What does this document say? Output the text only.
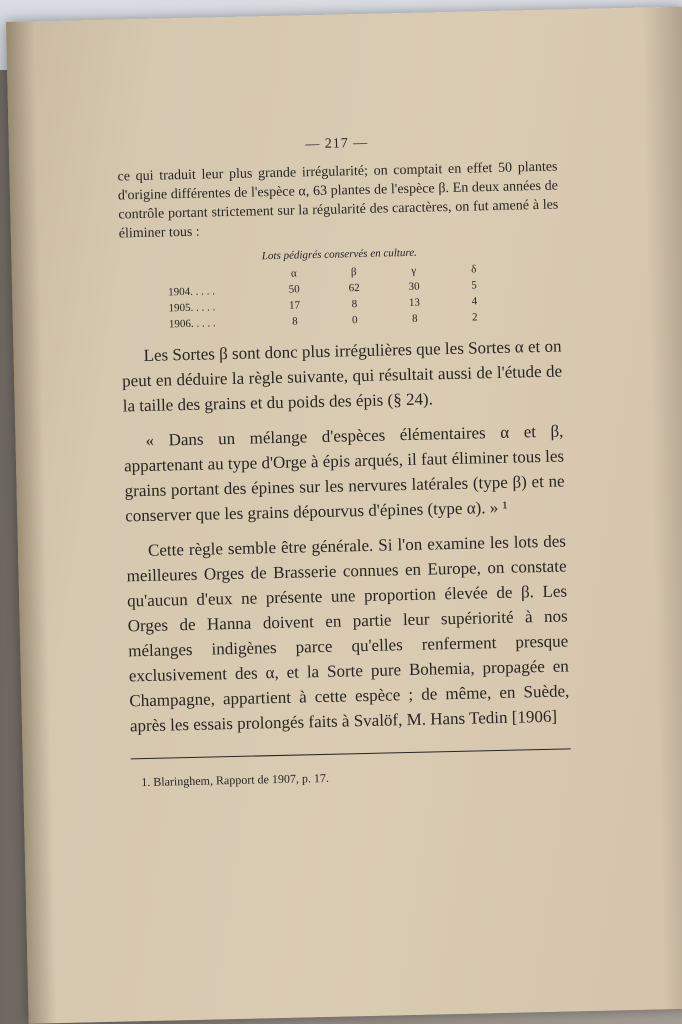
— 217 —

ce qui traduit leur plus grande irrégularité; on comptait en effet 50 plantes d'origine différentes de l'espèce α, 63 plantes de l'espèce β. En deux années de contrôle portant strictement sur la régularité des caractères, on fut amené à les éliminer tous :

Lots pédigrés conservés en culture.
	α	β	γ	δ
1904. . . . .	50	62	30	5
1905. . . . .	17	8	13	4
1906. . . . .	8	0	8	2

Les Sortes β sont donc plus irrégulières que les Sortes α et on peut en déduire la règle suivante, qui résultait aussi de l'étude de la taille des grains et du poids des épis (§ 24).

« Dans un mélange d'espèces élémentaires α et β, appartenant au type d'Orge à épis arqués, il faut éliminer tous les grains portant des épines sur les nervures latérales (type β) et ne conserver que les grains dépourvus d'épines (type α). » ¹

Cette règle semble être générale. Si l'on examine les lots des meilleures Orges de Brasserie connues en Europe, on constate qu'aucun d'eux ne présente une proportion élevée de β. Les Orges de Hanna doivent en partie leur supériorité à nos mélanges indigènes parce qu'elles renferment presque exclusivement des α, et la Sorte pure Bohemia, propagée en Champagne, appartient à cette espèce ; de même, en Suède, après les essais prolongés faits à Svalöf, M. Hans Tedin [1906]

1. Blaringhem, Rapport de 1907, p. 17.
